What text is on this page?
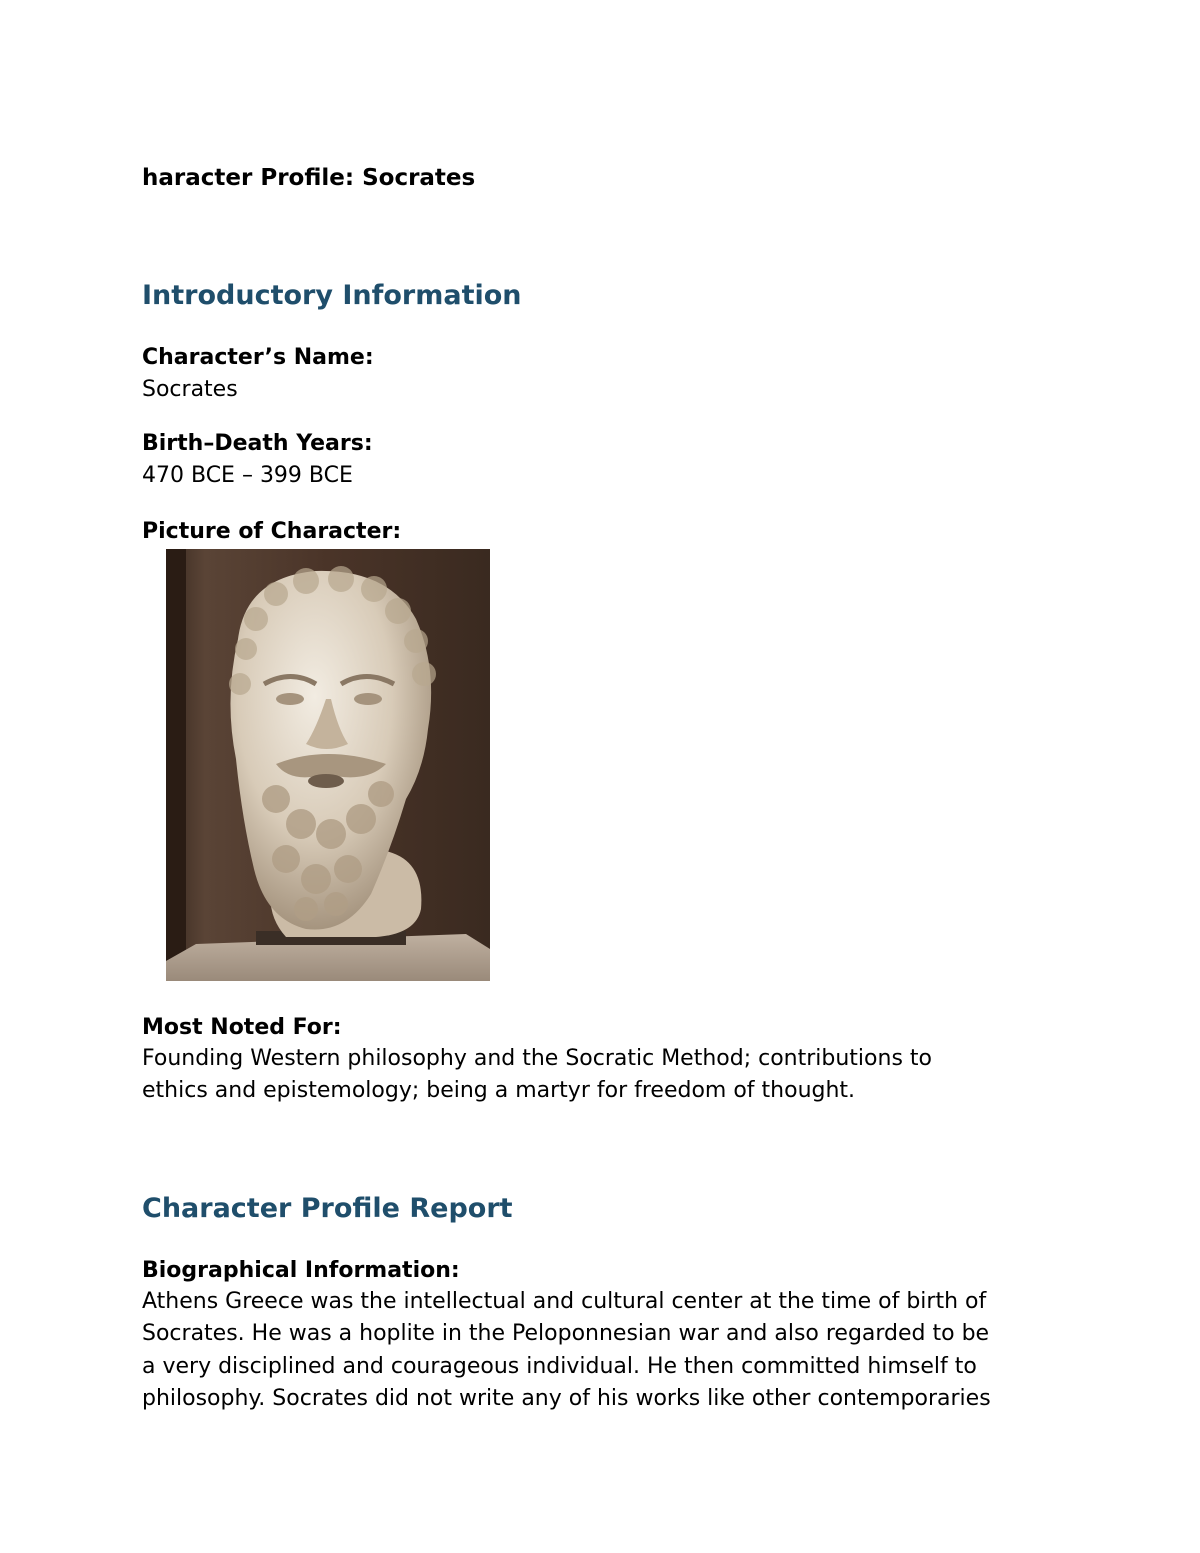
haracter Profile: Socrates
Introductory Information

Character’s Name:

Socrates

Birth–Death Years:

470 BCE – 399 BCE

Picture of Character:

Most Noted For:

Founding Western philosophy and the Socratic Method; contributions to
ethics and epistemology; being a martyr for freedom of thought.
Character Profile Report

Biographical Information:

Athens Greece was the intellectual and cultural center at the time of birth of
Socrates. He was a hoplite in the Peloponnesian war and also regarded to be
a very disciplined and courageous individual. He then committed himself to
philosophy. Socrates did not write any of his works like other contemporaries
